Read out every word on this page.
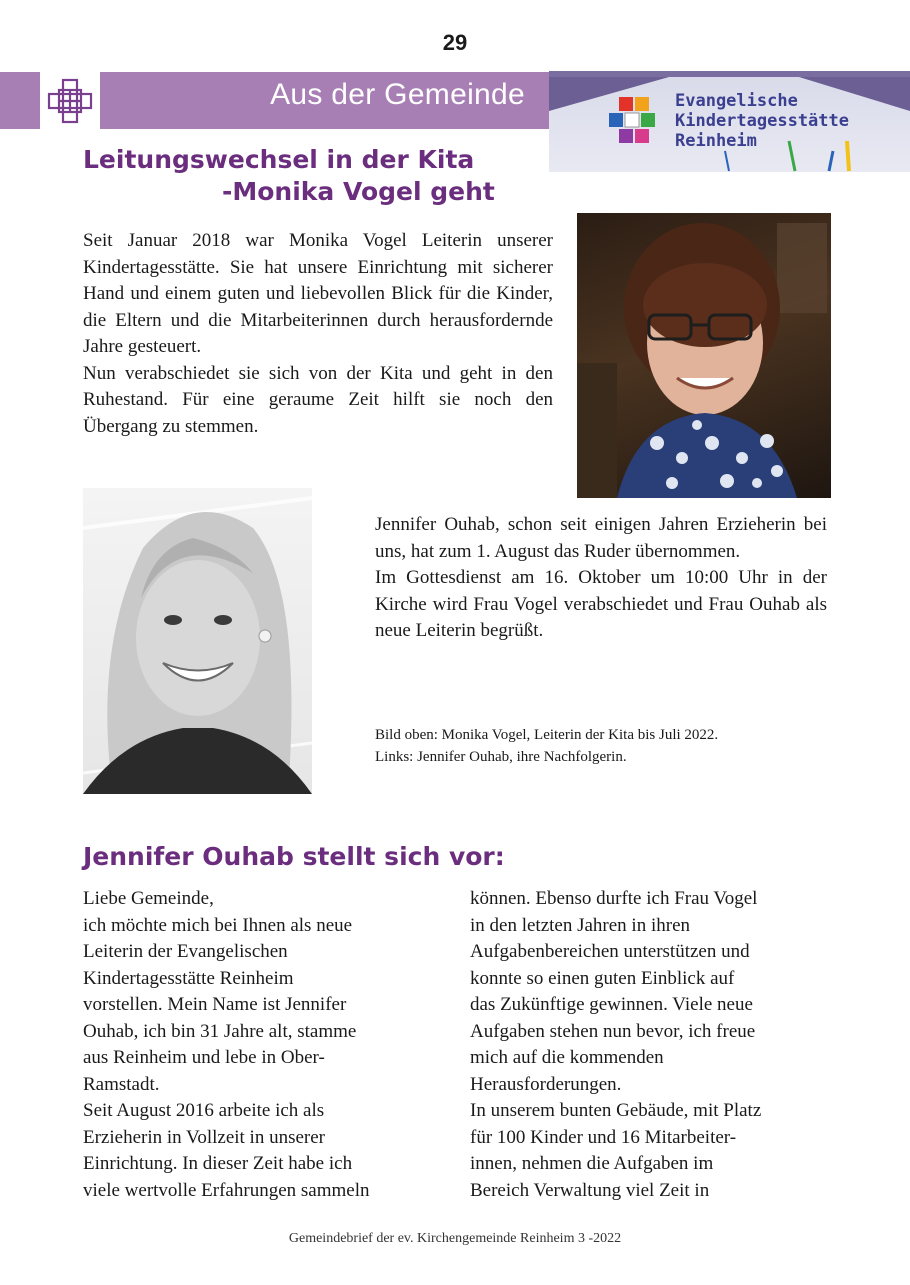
29
Aus der Gemeinde	Evangelische
Kindertagesstätte
Reinheim
Leitungswechsel in der Kita
-Monika Vogel geht

Seit Januar 2018 war Monika Vogel Leiterin unserer Kindertagesstätte. Sie hat unsere Einrichtung mit sicherer Hand und einem guten und liebevollen Blick für die Kinder, die Eltern und die Mitarbeiterinnen durch herausfordernde Jahre gesteuert.

Nun verabschiedet sie sich von der Kita und geht in den Ruhestand. Für eine geraume Zeit hilft sie noch den Übergang zu stemmen.

Jennifer Ouhab, schon seit einigen Jahren Erzieherin bei uns, hat zum 1. August das Ruder übernommen.

Im Gottesdienst am 16. Oktober um 10:00 Uhr in der Kirche wird Frau Vogel verabschiedet und Frau Ouhab als neue Leiterin begrüßt.

Bild oben: Monika Vogel, Leiterin der Kita bis Juli 2022.

Links: Jennifer Ouhab, ihre Nachfolgerin.

Jennifer Ouhab stellt sich vor:

Liebe Gemeinde,

ich möchte mich bei Ihnen als neue

Leiterin der Evangelischen

Kindertagesstätte Reinheim

vorstellen. Mein Name ist Jennifer

Ouhab, ich bin 31 Jahre alt, stamme

aus Reinheim und lebe in Ober-

Ramstadt.

Seit August 2016 arbeite ich als

Erzieherin in Vollzeit in unserer

Einrichtung. In dieser Zeit habe ich

viele wertvolle Erfahrungen sammeln

können. Ebenso durfte ich Frau Vogel

in den letzten Jahren in ihren

Aufgabenbereichen unterstützen und

konnte so einen guten Einblick auf

das Zukünftige gewinnen. Viele neue

Aufgaben stehen nun bevor, ich freue

mich auf die kommenden

Herausforderungen.

In unserem bunten Gebäude, mit Platz

für 100 Kinder und 16 Mitarbeiter-

innen, nehmen die Aufgaben im

Bereich Verwaltung viel Zeit in

Gemeindebrief der ev. Kirchengemeinde Reinheim 3 -2022
